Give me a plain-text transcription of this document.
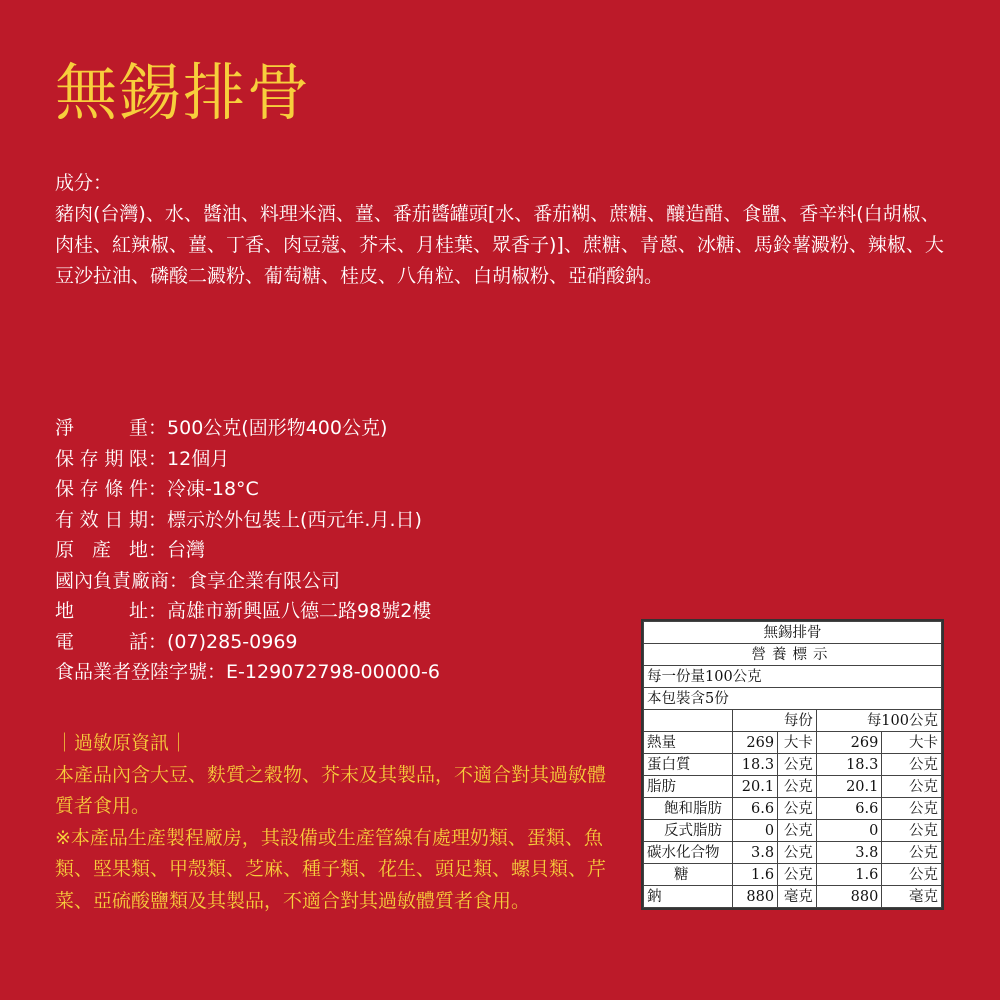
無錫排骨
成分：
豬肉(台灣)、水、醬油、料理米酒、薑、番茄醬罐頭[水、番茄糊、蔗糖、釀造醋、食鹽、香辛料(白胡椒、肉桂、紅辣椒、薑、丁香、肉豆蔻、芥末、月桂葉、眾香子)]、蔗糖、青蔥、冰糖、馬鈴薯澱粉、辣椒、大豆沙拉油、磷酸二澱粉、葡萄糖、桂皮、八角粒、白胡椒粉、亞硝酸鈉。
淨重：500公克(固形物400公克)
保存期限：12個月
保存條件：冷凍-18°C
有效日期：標示於外包裝上(西元年.月.日)
原產地：台灣
國內負責廠商：食享企業有限公司
地址：高雄市新興區八德二路98號2樓
電話：(07)285-0969
食品業者登陸字號：E-129072798-00000-6
｜過敏原資訊｜
本產品內含大豆、麩質之穀物、芥末及其製品，不適合對其過敏體質者食用。
※本產品生產製程廠房，其設備或生產管線有處理奶類、蛋類、魚類、堅果類、甲殼類、芝麻、種子類、花生、頭足類、螺貝類、芹菜、亞硫酸鹽類及其製品，不適合對其過敏體質者食用。
無錫排骨				
營養標示				
每一份量100公克				
本包裝含5份				
	每份		每100公克	
熱量	269	大卡	269	大卡
蛋白質	18.3	公克	18.3	公克
脂肪	20.1	公克	20.1	公克
飽和脂肪	6.6	公克	6.6	公克
反式脂肪	0	公克	0	公克
碳水化合物	3.8	公克	3.8	公克
糖	1.6	公克	1.6	公克
鈉	880	毫克	880	毫克
